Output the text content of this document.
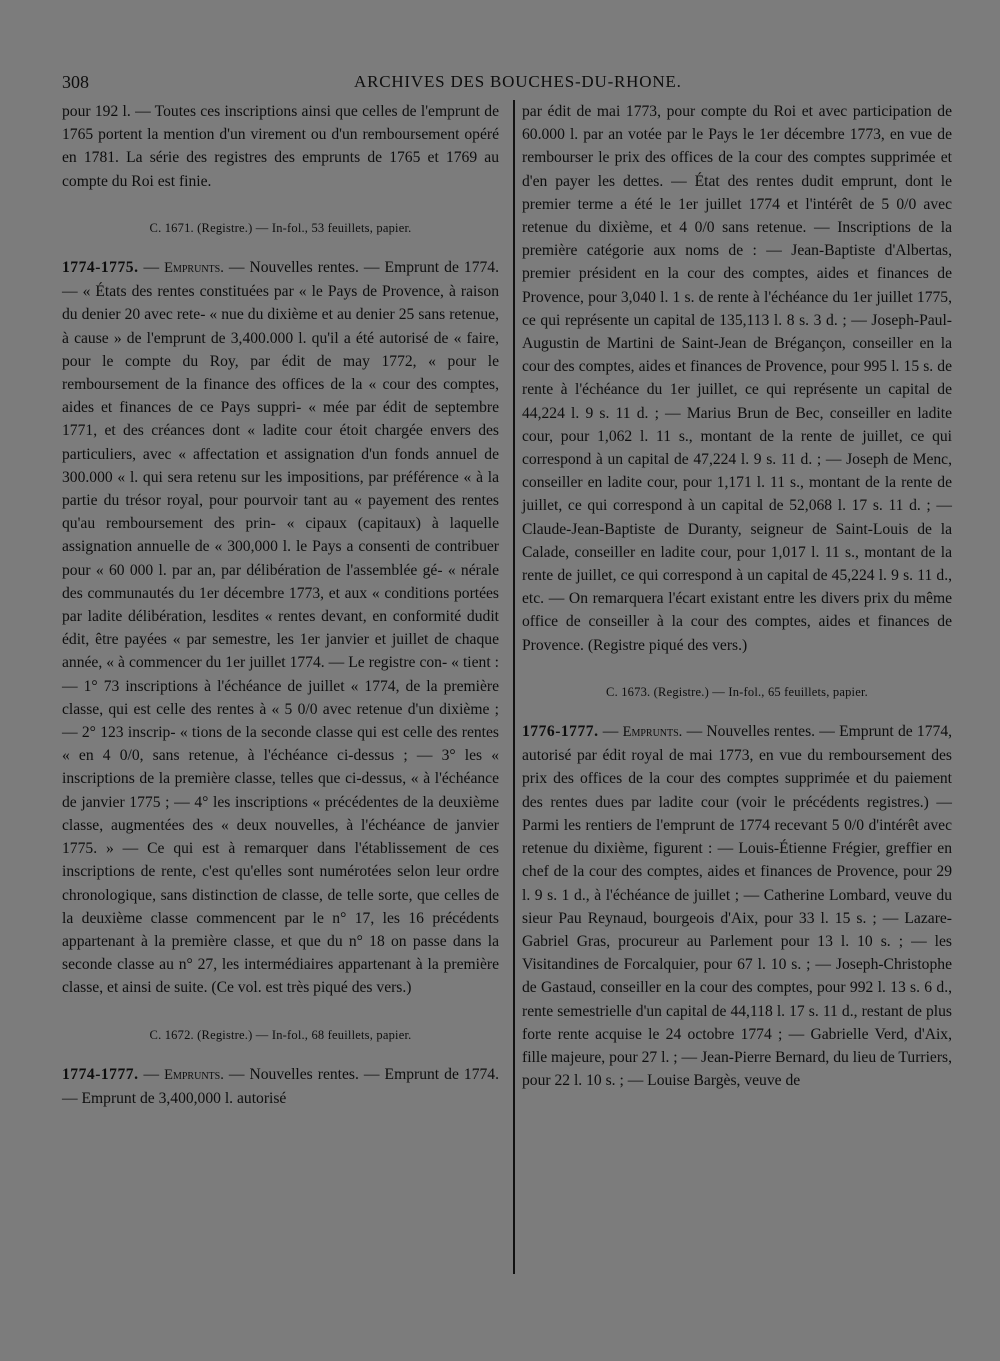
308	ARCHIVES DES BOUCHES-DU-RHONE.

pour 192 l. — Toutes ces inscriptions ainsi que celles de l'emprunt de 1765 portent la mention d'un virement ou d'un remboursement opéré en 1781. La série des registres des emprunts de 1765 et 1769 au compte du Roi est finie.

C. 1671. (Registre.) — In-fol., 53 feuillets, papier.

1774-1775. — Emprunts. — Nouvelles rentes. — Emprunt de 1774. — « États des rentes constituées par « le Pays de Provence, à raison du denier 20 avec rete- « nue du dixième et au denier 25 sans retenue, à cause » de l'emprunt de 3,400.000 l. qu'il a été autorisé de « faire, pour le compte du Roy, par édit de may 1772, « pour le remboursement de la finance des offices de la « cour des comptes, aides et finances de ce Pays suppri- « mée par édit de septembre 1771, et des créances dont « ladite cour étoit chargée envers des particuliers, avec « affectation et assignation d'un fonds annuel de 300.000 « l. qui sera retenu sur les impositions, par préférence « à la partie du trésor royal, pour pourvoir tant au « payement des rentes qu'au remboursement des prin- « cipaux (capitaux) à laquelle assignation annuelle de « 300,000 l. le Pays a consenti de contribuer pour « 60 000 l. par an, par délibération de l'assemblée gé- « nérale des communautés du 1er décembre 1773, et aux « conditions portées par ladite délibération, lesdites « rentes devant, en conformité dudit édit, être payées « par semestre, les 1er janvier et juillet de chaque année, « à commencer du 1er juillet 1774. — Le registre con- « tient : — 1° 73 inscriptions à l'échéance de juillet « 1774, de la première classe, qui est celle des rentes à « 5 0/0 avec retenue d'un dixième ; — 2° 123 inscrip- « tions de la seconde classe qui est celle des rentes « en 4 0/0, sans retenue, à l'échéance ci-dessus ; — 3° les « inscriptions de la première classe, telles que ci-dessus, « à l'échéance de janvier 1775 ; — 4° les inscriptions « précédentes de la deuxième classe, augmentées des « deux nouvelles, à l'échéance de janvier 1775. » — Ce qui est à remarquer dans l'établissement de ces inscriptions de rente, c'est qu'elles sont numérotées selon leur ordre chronologique, sans distinction de classe, de telle sorte, que celles de la deuxième classe commencent par le n° 17, les 16 précédents appartenant à la première classe, et que du n° 18 on passe dans la seconde classe au n° 27, les intermédiaires appartenant à la première classe, et ainsi de suite. (Ce vol. est très piqué des vers.)

C. 1672. (Registre.) — In-fol., 68 feuillets, papier.

1774-1777. — Emprunts. — Nouvelles rentes. — Emprunt de 1774. — Emprunt de 3,400,000 l. autorisé

par édit de mai 1773, pour compte du Roi et avec participation de 60.000 l. par an votée par le Pays le 1er décembre 1773, en vue de rembourser le prix des offices de la cour des comptes supprimée et d'en payer les dettes. — État des rentes dudit emprunt, dont le premier terme a été le 1er juillet 1774 et l'intérêt de 5 0/0 avec retenue du dixième, et 4 0/0 sans retenue. — Inscriptions de la première catégorie aux noms de : — Jean-Baptiste d'Albertas, premier président en la cour des comptes, aides et finances de Provence, pour 3,040 l. 1 s. de rente à l'échéance du 1er juillet 1775, ce qui représente un capital de 135,113 l. 8 s. 3 d. ; — Joseph-Paul-Augustin de Martini de Saint-Jean de Brégançon, conseiller en la cour des comptes, aides et finances de Provence, pour 995 l. 15 s. de rente à l'échéance du 1er juillet, ce qui représente un capital de 44,224 l. 9 s. 11 d. ; — Marius Brun de Bec, conseiller en ladite cour, pour 1,062 l. 11 s., montant de la rente de juillet, ce qui correspond à un capital de 47,224 l. 9 s. 11 d. ; — Joseph de Menc, conseiller en ladite cour, pour 1,171 l. 11 s., montant de la rente de juillet, ce qui correspond à un capital de 52,068 l. 17 s. 11 d. ; — Claude-Jean-Baptiste de Duranty, seigneur de Saint-Louis de la Calade, conseiller en ladite cour, pour 1,017 l. 11 s., montant de la rente de juillet, ce qui correspond à un capital de 45,224 l. 9 s. 11 d., etc. — On remarquera l'écart existant entre les divers prix du même office de conseiller à la cour des comptes, aides et finances de Provence. (Registre piqué des vers.)

C. 1673. (Registre.) — In-fol., 65 feuillets, papier.

1776-1777. — Emprunts. — Nouvelles rentes. — Emprunt de 1774, autorisé par édit royal de mai 1773, en vue du remboursement des prix des offices de la cour des comptes supprimée et du paiement des rentes dues par ladite cour (voir le précédents registres.) — Parmi les rentiers de l'emprunt de 1774 recevant 5 0/0 d'intérêt avec retenue du dixième, figurent : — Louis-Étienne Frégier, greffier en chef de la cour des comptes, aides et finances de Provence, pour 29 l. 9 s. 1 d., à l'échéance de juillet ; — Catherine Lombard, veuve du sieur Pau Reynaud, bourgeois d'Aix, pour 33 l. 15 s. ; — Lazare-Gabriel Gras, procureur au Parlement pour 13 l. 10 s. ; — les Visitandines de Forcalquier, pour 67 l. 10 s. ; — Joseph-Christophe de Gastaud, conseiller en la cour des comptes, pour 992 l. 13 s. 6 d., rente semestrielle d'un capital de 44,118 l. 17 s. 11 d., restant de plus forte rente acquise le 24 octobre 1774 ; — Gabrielle Verd, d'Aix, fille majeure, pour 27 l. ; — Jean-Pierre Bernard, du lieu de Turriers, pour 22 l. 10 s. ; — Louise Bargès, veuve de
